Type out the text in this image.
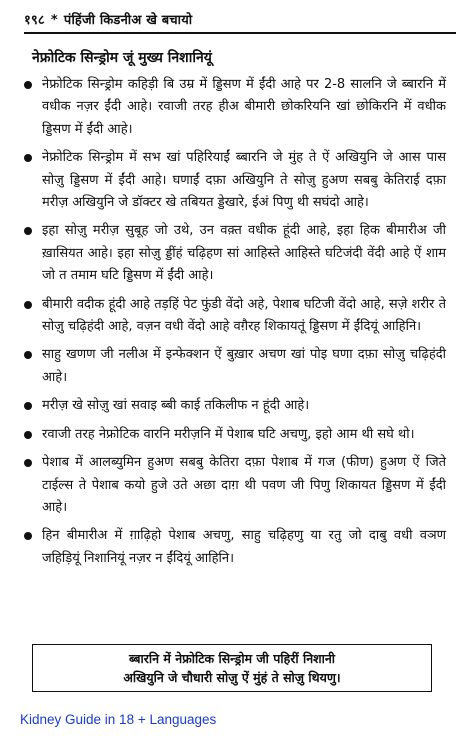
१९८ * पंहिंजी किडनीअ खे बचायो
नेफ्रोटिक सिन्ड्रोम जूं मुख्य निशानियूं
नेफ्रोटिक सिन्ड्रोम कहिड़ी बि उम्र में ड्डिसण में ईंदी आहे पर 2-8 सालनि जे ब्बारनि में वधीक नज़र ईंदी आहे। रवाजी तरह हीअ बीमारी छोकरियनि खां छोकिरनि में वधीक ड्डिसण में ईंदी आहे।
नेफ्रोटिक सिन्ड्रोम में सभ खां पहिरियाईं ब्बारनि जे मुंह ते ऐं अखियुनि जे आस पास सोज़ु ड्डिसण में ईंदी आहे। घणाईं दफ़ा अखियुनि ते सोज़ु हुअण सबबु केतिराई दफ़ा मरीज़ अखियुनि जे डॉक्टर खे तबियत ड्डेखारे, ईअं पिणु थी सघंदो आहे।
इहा सोज़ु मरीज़ सुबूह जो उथे, उन वक़्त वधीक हूंदी आहे, इहा हिक बीमारीअ जी ख़ासियत आहे। इहा सोज़ु ड्डींहं चढ़िहण सां आहिस्ते आहिस्ते घटिजंदी वेंदी आहे ऐं शाम जो त तमाम घटि ड्डिसण में ईंदी आहे।
बीमारी वदीक हूंदी आहे तड़हिं पेट फुंडी वेंदो अहे, पेशाब घटिजी वेंदो आहे, सज़े शरीर ते सोज़ु चढ़िहंदी आहे, वज़न वधी वेंदो आहे वग़ैरह शिकायतूं ड्डिसण में ईंदियूं आहिनि।
साहु खणण जी नलीअ में इन्फेक्शन ऐं बुख़ार अचण खां पोइ घणा दफ़ा सोज़ु चढ़िहंदी आहे।
मरीज़ खे सोज़ु खां सवाइ ब्बी काई तकिलीफ न हूंदी आहे।
रवाजी तरह नेफ्रोटिक वारनि मरीज़नि में पेशाब घटि अचणु, इहो आम थी सघे थो।
पेशाब में आलब्युमिन हुअण सबबु केतिरा दफ़ा पेशाब में गज (फीण) हुअण ऐं जिते टाईल्स ते पेशाब कयो हुजे उते अछा दाग़ थी पवण जी पिणु शिकायत ड्डिसण में ईंदी आहे।
हिन बीमारीअ में ग़ाढ़िहो पेशाब अचणु, साहु चढ़िहणु या रतु जो दाबु वधी वञण जहिड़ियूं निशानियूं नज़र न ईंदियूं आहिनि।
ब्बारनि में नेफ्रोटिक सिन्ड्रोम जी पहिरीं निशानी
अखियुनि जे चौधारी सोज़ु ऐं मुंहं ते सोज़ु थियणु।
Kidney Guide in 18 + Languages
